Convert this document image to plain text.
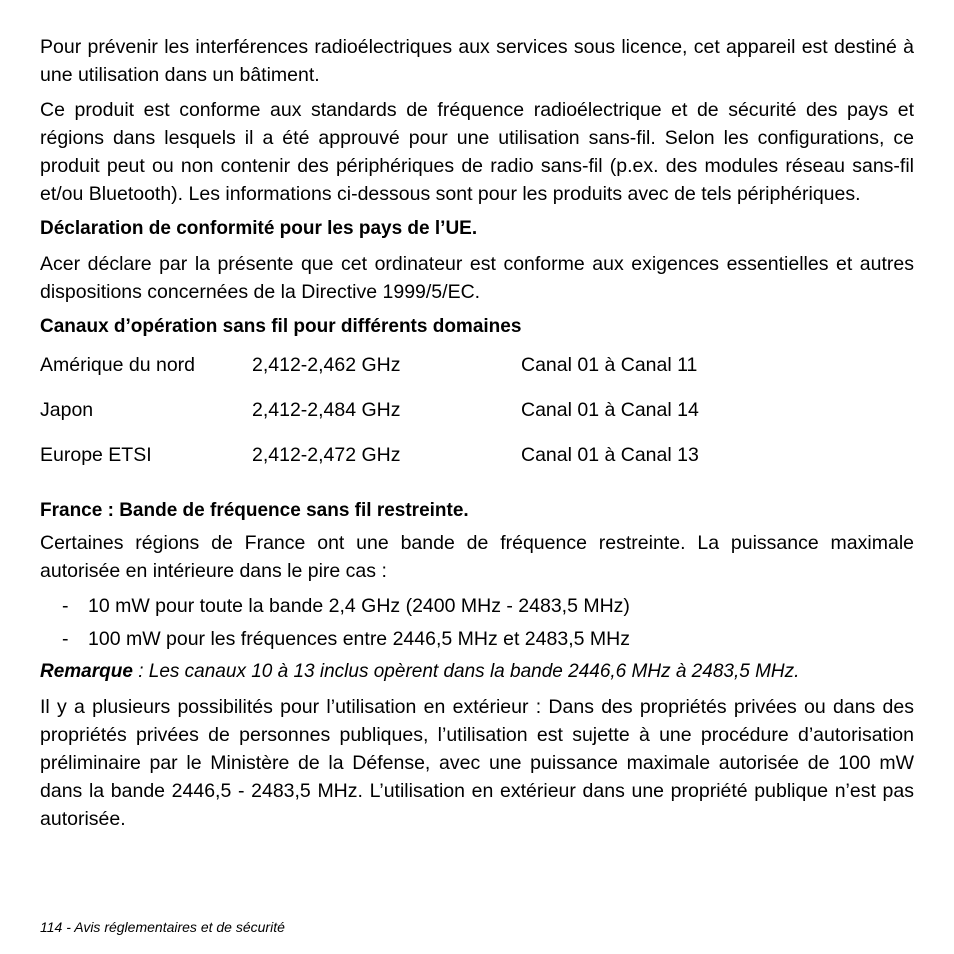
Pour prévenir les interférences radioélectriques aux services sous licence, cet appareil est destiné à une utilisation dans un bâtiment.

Ce produit est conforme aux standards de fréquence radioélectrique et de sécurité des pays et régions dans lesquels il a été approuvé pour une utilisation sans-fil. Selon les configurations, ce produit peut ou non contenir des périphériques de radio sans-fil (p.ex. des modules réseau sans-fil et/ou Bluetooth). Les informations ci-dessous sont pour les produits avec de tels périphériques.

Déclaration de conformité pour les pays de l’UE.

Acer déclare par la présente que cet ordinateur est conforme aux exigences essentielles et autres dispositions concernées de la Directive 1999/5/EC.

Canaux d’opération sans fil pour différents domaines
Amérique du nord	2,412-2,462 GHz	Canal 01 à Canal 11
Japon	2,412-2,484 GHz	Canal 01 à Canal 14
Europe ETSI	2,412-2,472 GHz	Canal 01 à Canal 13
France : Bande de fréquence sans fil restreinte.

Certaines régions de France ont une bande de fréquence restreinte. La puissance maximale autorisée en intérieure dans le pire cas :

-	10 mW pour toute la bande 2,4 GHz (2400 MHz - 2483,5 MHz)
-	100 mW pour les fréquences entre 2446,5 MHz et 2483,5 MHz
Remarque : Les canaux 10 à 13 inclus opèrent dans la bande 2446,6 MHz à 2483,5 MHz.

Il y a plusieurs possibilités pour l’utilisation en extérieur : Dans des propriétés privées ou dans des propriétés privées de personnes publiques, l’utilisation est sujette à une procédure d’autorisation préliminaire par le Ministère de la Défense, avec une puissance maximale autorisée de 100 mW dans la bande 2446,5 - 2483,5 MHz. L’utilisation en extérieur dans une propriété publique n’est pas autorisée.

114 - Avis réglementaires et de sécurité
